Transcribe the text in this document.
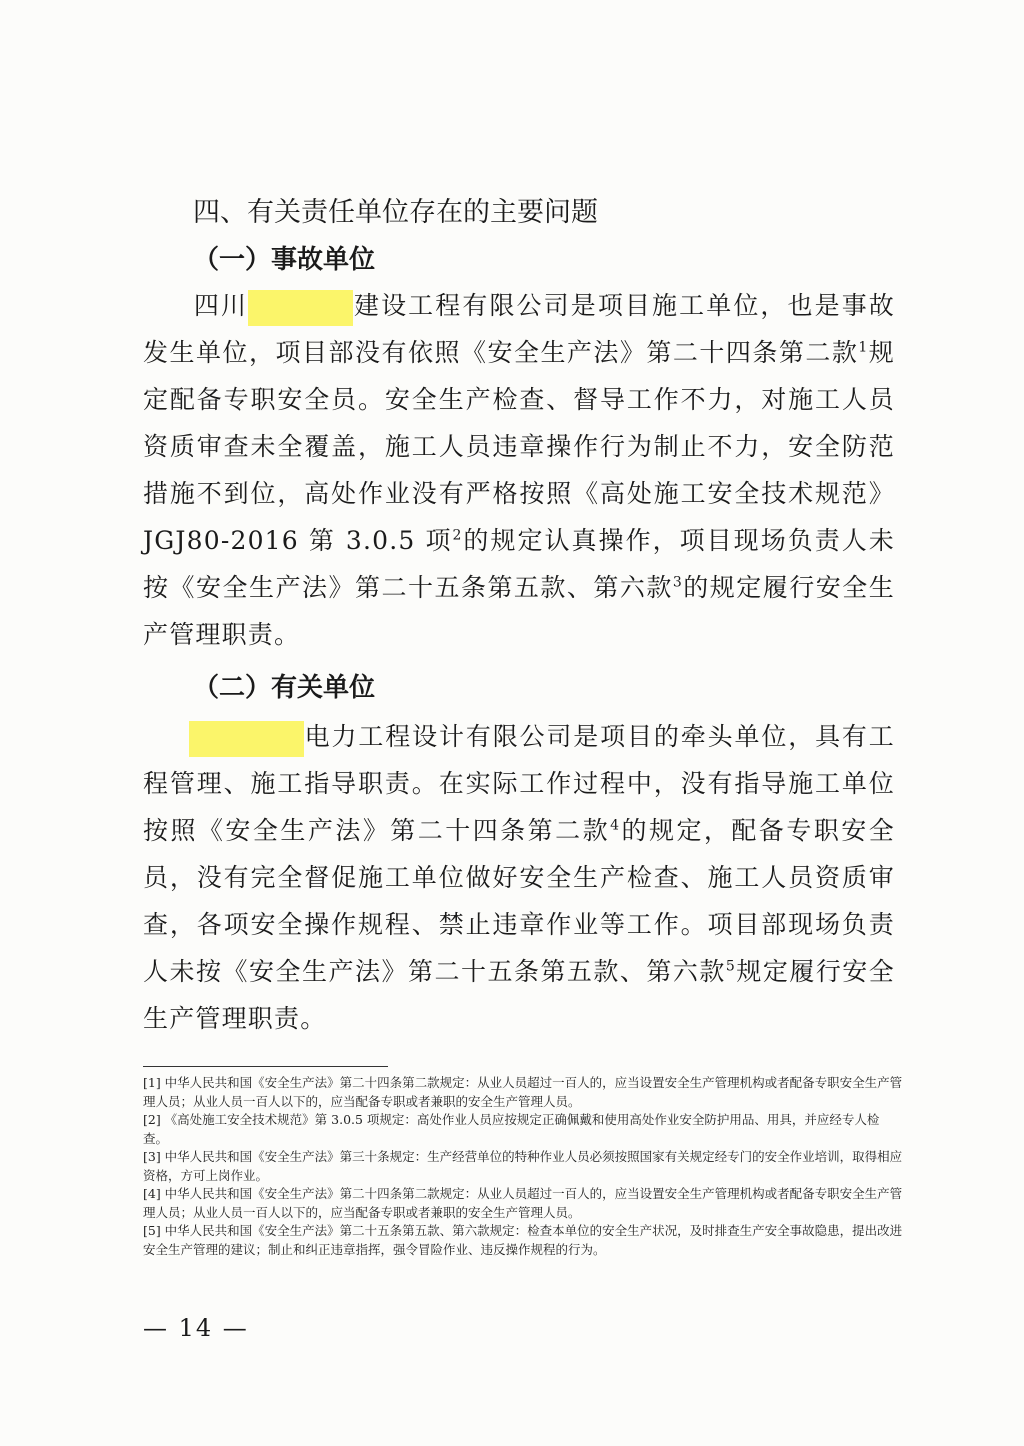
四、有关责任单位存在的主要问题
（一）事故单位
四川	建设工程有限公司是项目施工单位，也是事故发生单位，项目部没有依照《安全生产法》第二十四条第二款$^1$规定配备专职安全员。安全生产检查、督导工作不力，对施工人员资质审查未全覆盖，施工人员违章操作行为制止不力，安全防范措施不到位，高处作业没有严格按照《高处施工安全技术规范》JGJ80-2016 第 3.0.5 项$^2$的规定认真操作，项目现场负责人未按《安全生产法》第二十五条第五款、第六款$^3$的规定履行安全生产管理职责。
（二）有关单位
电力工程设计有限公司是项目的牵头单位，具有工程管理、施工指导职责。在实际工作过程中，没有指导施工单位按照《安全生产法》第二十四条第二款$^4$的规定，配备专职安全员，没有完全督促施工单位做好安全生产检查、施工人员资质审查，各项安全操作规程、禁止违章作业等工作。项目部现场负责人未按《安全生产法》第二十五条第五款、第六款$^5$规定履行安全生产管理职责。

[1] 中华人民共和国《安全生产法》第二十四条第二款规定：从业人员超过一百人的，应当设置安全生产管理机构或者配备专职安全生产管理人员；从业人员一百人以下的，应当配备专职或者兼职的安全生产管理人员。

[2] 《高处施工安全技术规范》第 3.0.5 项规定：高处作业人员应按规定正确佩戴和使用高处作业安全防护用品、用具，并应经专人检查。

[3] 中华人民共和国《安全生产法》第三十条规定：生产经营单位的特种作业人员必须按照国家有关规定经专门的安全作业培训，取得相应资格，方可上岗作业。

[4] 中华人民共和国《安全生产法》第二十四条第二款规定：从业人员超过一百人的，应当设置安全生产管理机构或者配备专职安全生产管理人员；从业人员一百人以下的，应当配备专职或者兼职的安全生产管理人员。

[5] 中华人民共和国《安全生产法》第二十五条第五款、第六款规定：检查本单位的安全生产状况，及时排查生产安全事故隐患，提出改进安全生产管理的建议；制止和纠正违章指挥，强令冒险作业、违反操作规程的行为。

— 14 —
